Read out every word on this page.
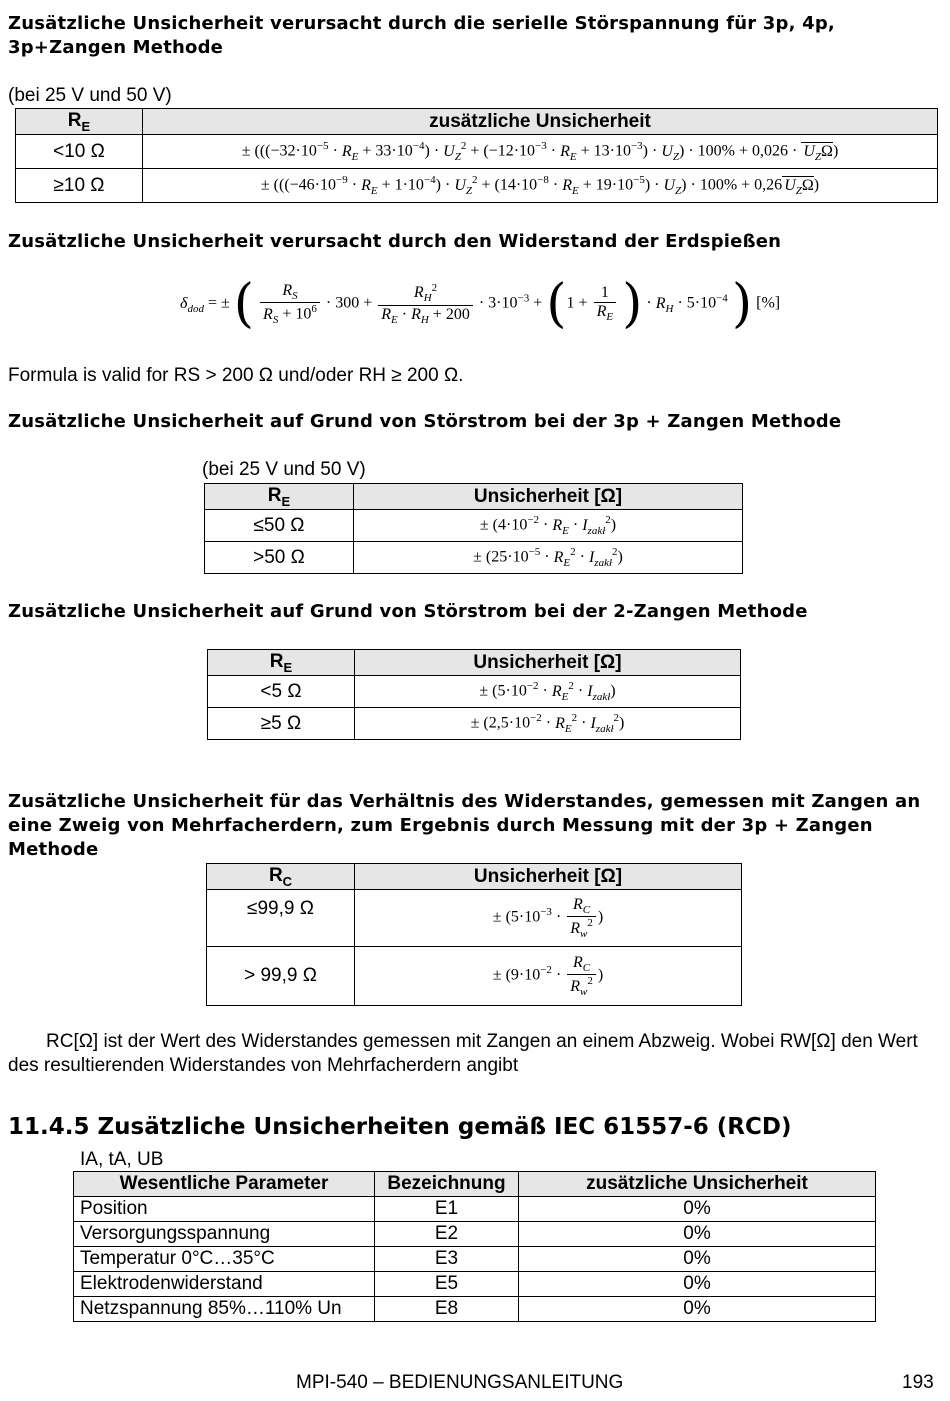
Zusätzliche Unsicherheit verursacht durch die serielle Störspannung für 3p, 4p, 3p+Zangen Methode
(bei 25 V und 50 V)
$R_E$	zusätzliche Unsicherheit
<10 Ω	± $(((-32\cdot 10^{-5} \cdot R_E + 33\cdot 10^{-4}) \cdot U_Z^2 + (-12\cdot 10^{-3} \cdot R_E + 13\cdot 10^{-3}) \cdot U_Z) \cdot 100\% + 0,026 \cdot U_Z\Omega)$
≥10 Ω	± ($((-46\cdot 10^{-9} \cdot R_E + 1\cdot 10^{-4}) \cdot U_Z^2 + (14\cdot 10^{-8} \cdot R_E + 19\cdot 10^{-5}) \cdot U_Z) \cdot 100\% + 0,26$ $U_Z\Omega$)
Zusätzliche Unsicherheit verursacht durch den Widerstand der Erdspießen
$\delta_{dod}$ = ± ( $\frac{R_S}{R_S + 10^6} \cdot 300 + \frac{R_H^2}{R_E \cdot R_H + 200} \cdot 3\cdot 10^{-3} + (1 + \frac{1}{R_E}$ ) · $R_H \cdot 5\cdot 10^{-4}$ ) [%]
Formula is valid for RS > 200 Ω und/oder RH ≥ 200 Ω.
Zusätzliche Unsicherheit auf Grund von Störstrom bei der 3p + Zangen Methode
(bei 25 V und 50 V)
$R_E$	Unsicherheit [Ω]
≤50 Ω	± $(4\cdot 10^{-2} \cdot R_E \cdot I_{zakł}^2)$
>50 Ω	± $(25\cdot 10^{-5} \cdot R_E^2 \cdot I_{zakł}^2)$
Zusätzliche Unsicherheit auf Grund von Störstrom bei der 2-Zangen Methode
$R_E$	Unsicherheit [Ω]
<5 Ω	± $(5\cdot 10^{-2} \cdot R_E^2 \cdot I_{zakł})$
≥5 Ω	± $(2,5\cdot 10^{-2} \cdot R_E^2 \cdot I_{zakł}^2)$
Zusätzliche Unsicherheit für das Verhältnis des Widerstandes, gemessen mit Zangen an eine Zweig von Mehrfacherdern, zum Ergebnis durch Messung mit der 3p + Zangen Methode
$R_C$	Unsicherheit [Ω]
≤99,9 Ω	± ($5\cdot 10^{-3} \cdot \frac{R_C}{R_w^2}$ )
> 99,9 Ω	± ($9\cdot 10^{-2} \cdot \frac{R_C}{R_w^2}$ )
RC[Ω] ist der Wert des Widerstandes gemessen mit Zangen an einem Abzweig. Wobei RW[Ω] den Wert des resultierenden Widerstandes von Mehrfacherdern angibt
11.4.5 Zusätzliche Unsicherheiten gemäß IEC 61557-6 (RCD)
IA, tA, UB
Wesentliche Parameter	Bezeichnung	zusätzliche Unsicherheit
Position	E1	0%
Versorgungsspannung	E2	0%
Temperatur 0°C…35°C	E3	0%
Elektrodenwiderstand	E5	0%
Netzspannung 85%…110% Un	E8	0%
MPI-540 – BEDIENUNGSANLEITUNG	193
